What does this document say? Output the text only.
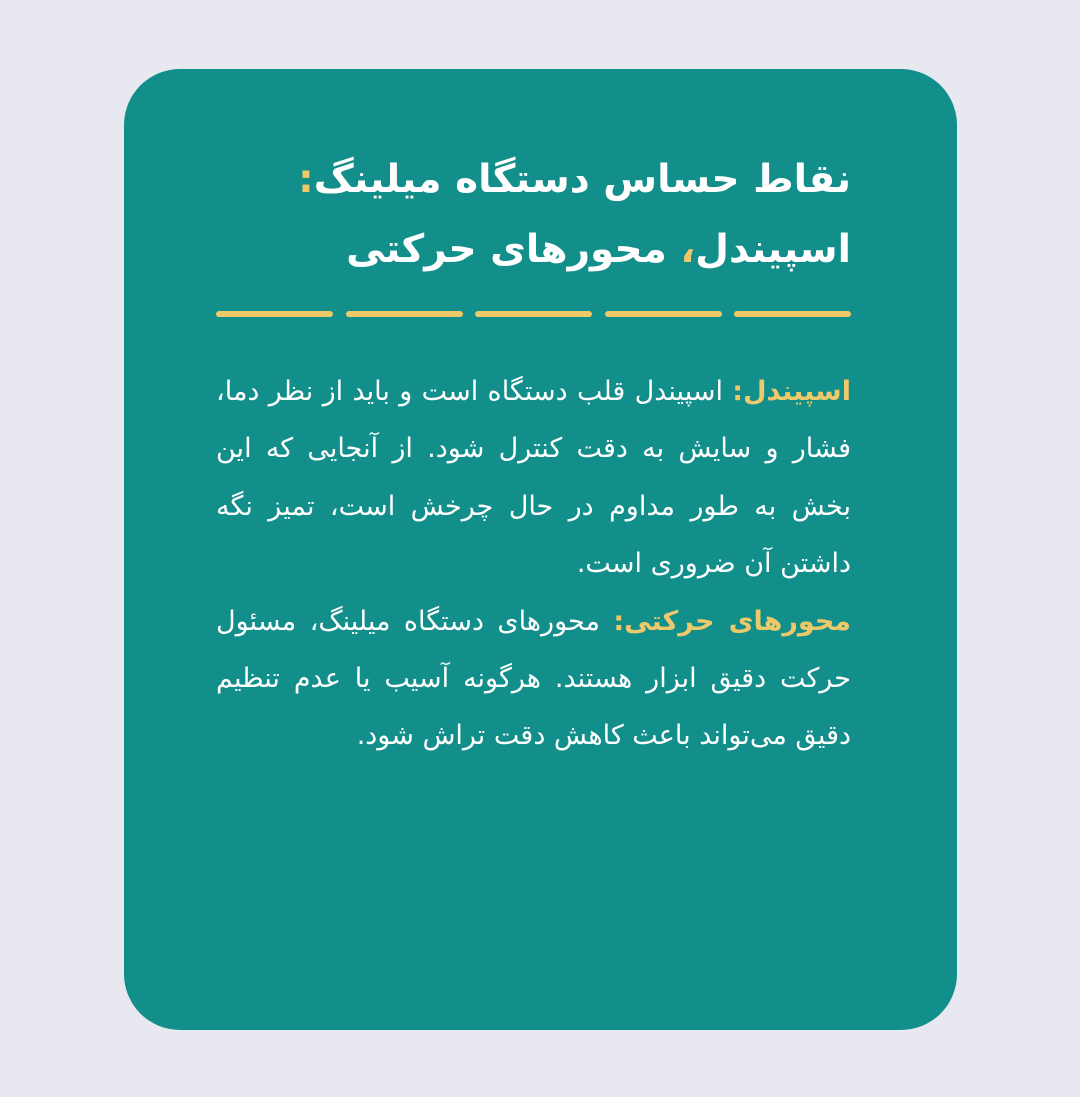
نقاط حساس دستگاه میلینگ:
اسپیندل، محورهای حرکتی

اسپیندل: اسپیندل قلب دستگاه است و باید از نظر دما، فشار و سایش به دقت کنترل شود. از آنجایی که این بخش به طور مداوم در حال چرخش است، تمیز نگه داشتن آن ضروری است.

محورهای حرکتی: محورهای دستگاه میلینگ، مسئول حرکت دقیق ابزار هستند. هرگونه آسیب یا عدم تنظیم دقیق می‌تواند باعث کاهش دقت تراش شود.
